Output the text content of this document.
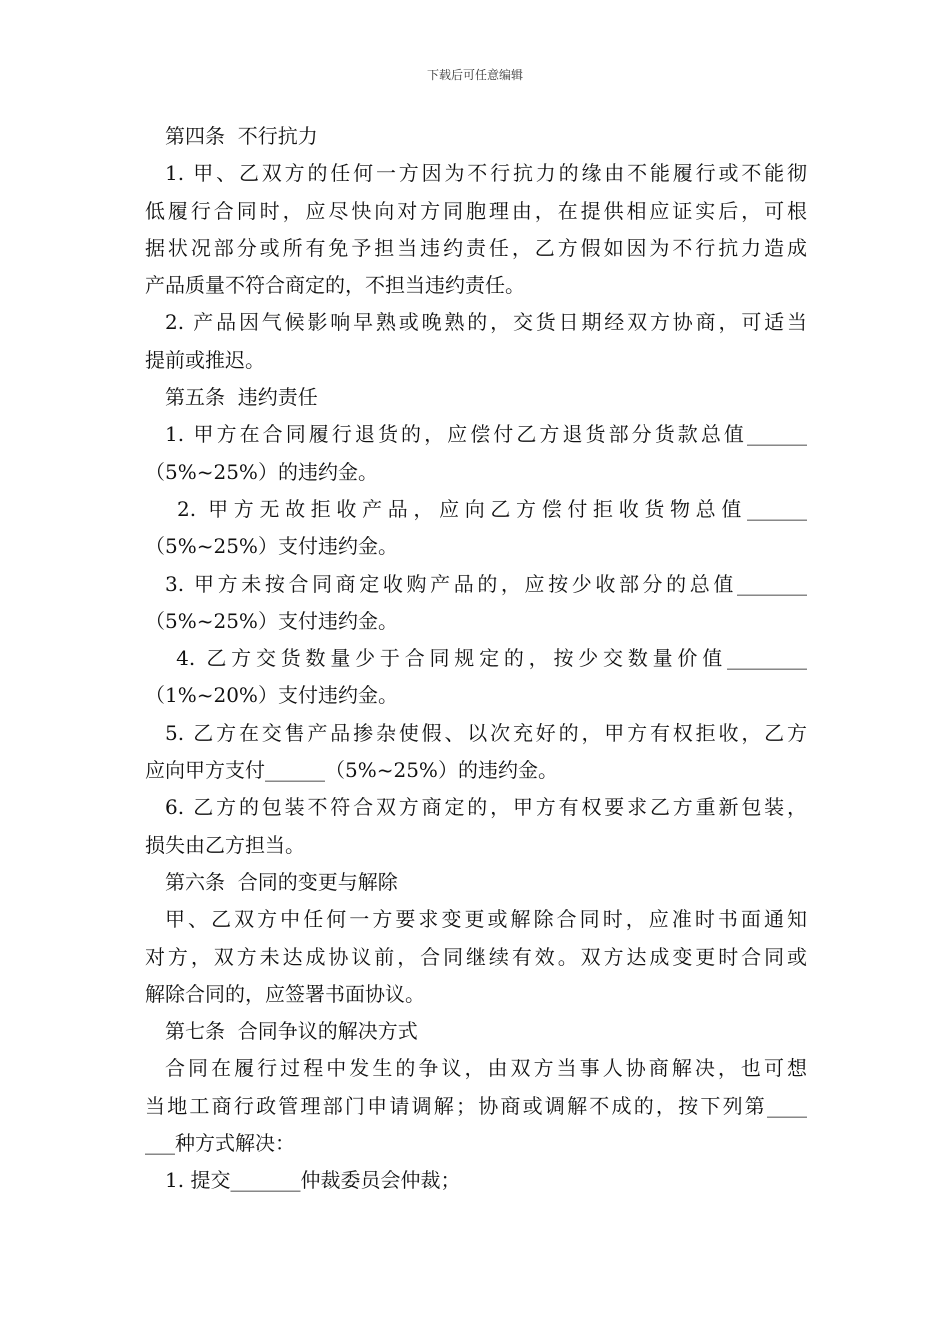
下载后可任意编辑

第四条  不行抗力

1. 甲、乙双方的任何一方因为不行抗力的缘由不能履行或不能彻

低履行合同时，应尽快向对方同胞理由，在提供相应证实后，可根

据状况部分或所有免予担当违约责任，乙方假如因为不行抗力造成

产品质量不符合商定的，不担当违约责任。

2. 产品因气候影响早熟或晚熟的，交货日期经双方协商，可适当

提前或推迟。

第五条  违约责任

1. 甲方在合同履行退货的，应偿付乙方退货部分货款总值______

（5%~25%）的违约金。

2. 甲方无故拒收产品，应向乙方偿付拒收货物总值______

（5%~25%）支付违约金。

3. 甲方未按合同商定收购产品的，应按少收部分的总值_______

（5%~25%）支付违约金。

4. 乙方交货数量少于合同规定的，按少交数量价值________

（1%~20%）支付违约金。

5. 乙方在交售产品掺杂使假、以次充好的，甲方有权拒收，乙方

应向甲方支付______（5%~25%）的违约金。

6. 乙方的包装不符合双方商定的，甲方有权要求乙方重新包装，

损失由乙方担当。

第六条  合同的变更与解除

甲、乙双方中任何一方要求变更或解除合同时，应准时书面通知

对方，双方未达成协议前，合同继续有效。双方达成变更时合同或

解除合同的，应签署书面协议。

第七条  合同争议的解决方式

合同在履行过程中发生的争议，由双方当事人协商解决，也可想

当地工商行政管理部门申请调解；协商或调解不成的，按下列第____

___种方式解决：

1. 提交_______仲裁委员会仲裁；
